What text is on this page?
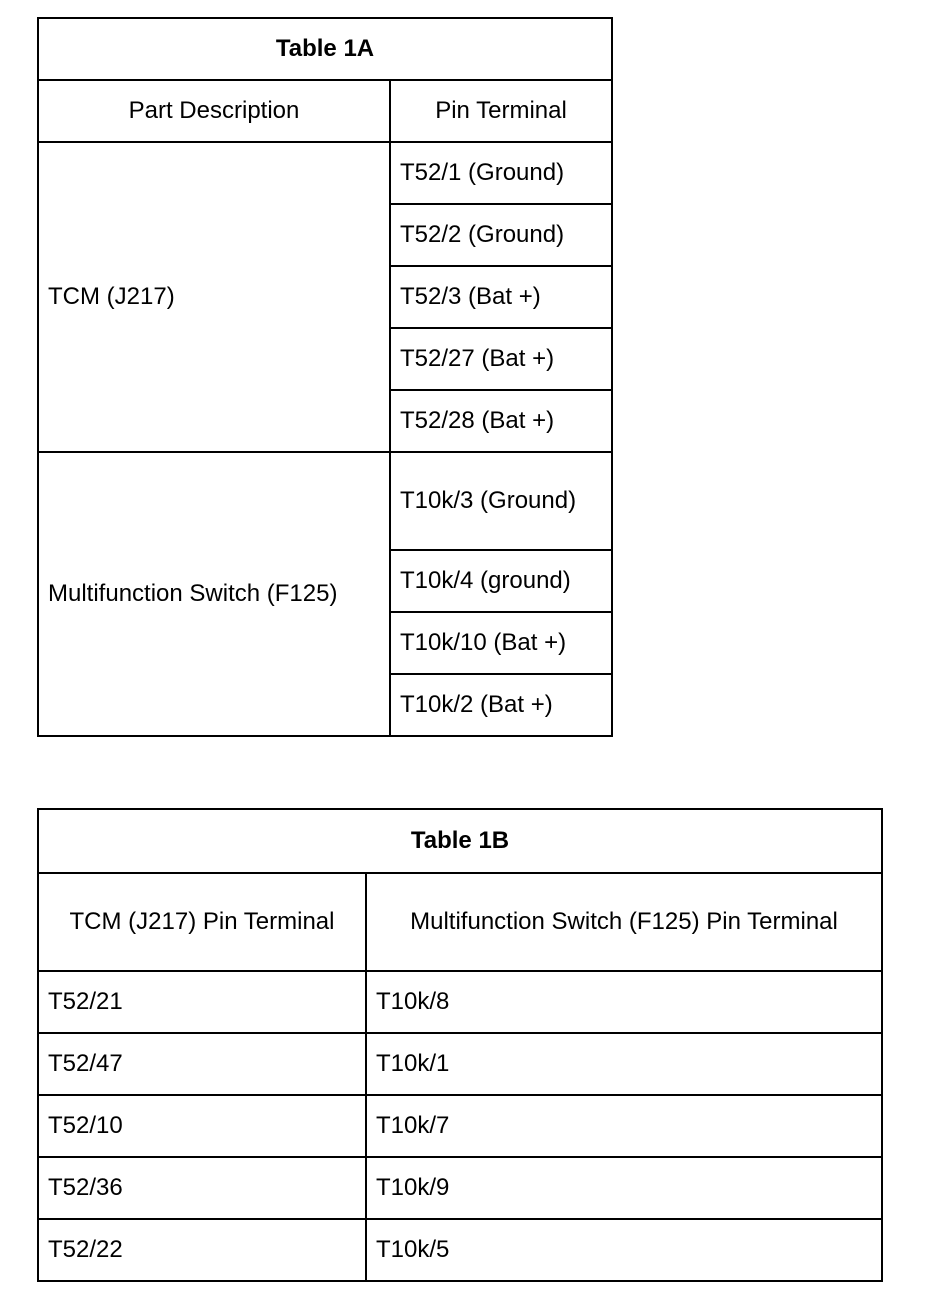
Table 1A	
Part Description	Pin Terminal
TCM (J217)	T52/1 (Ground)
	T52/2 (Ground)
	T52/3 (Bat +)
	T52/27 (Bat +)
	T52/28 (Bat +)
Multifunction Switch (F125)	T10k/3 (Ground)
	T10k/4 (ground)
	T10k/10 (Bat +)
	T10k/2 (Bat +)
Table 1B	
TCM (J217) Pin Terminal	Multifunction Switch (F125) Pin Terminal
T52/21	T10k/8
T52/47	T10k/1
T52/10	T10k/7
T52/36	T10k/9
T52/22	T10k/5
